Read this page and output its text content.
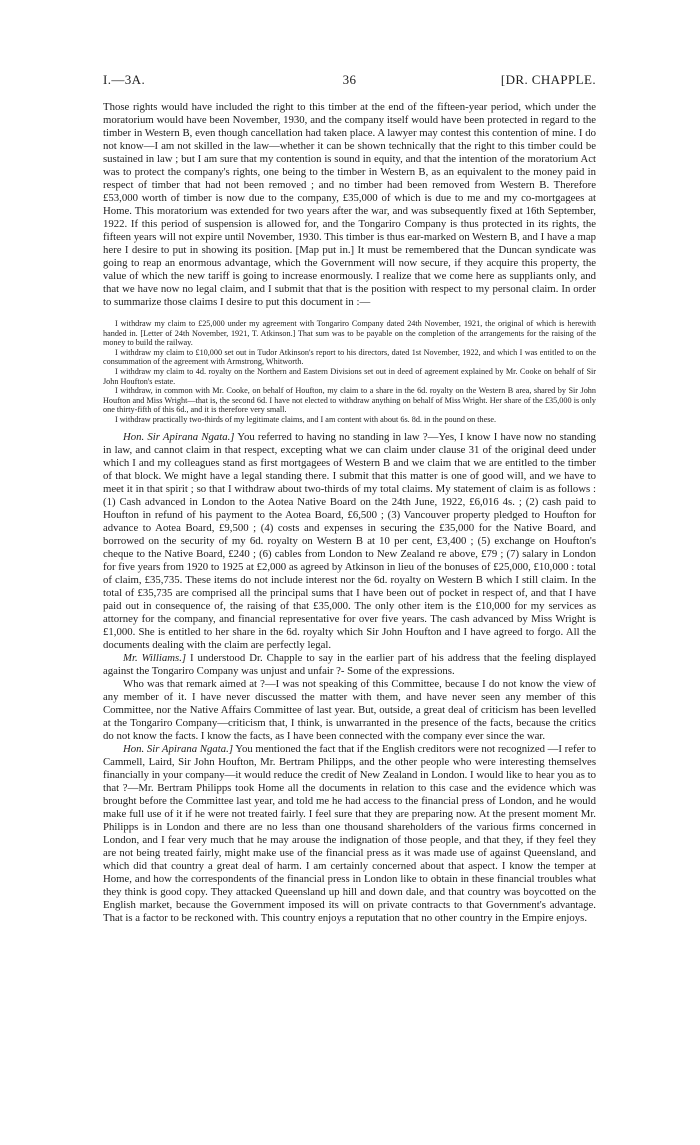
I.—3A.	36	[DR. CHAPPLE.

Those rights would have included the right to this timber at the end of the fifteen-year period, which under the moratorium would have been November, 1930, and the company itself would have been protected in regard to the timber in Western B, even though cancellation had taken place. A lawyer may contest this contention of mine. I do not know—I am not skilled in the law—whether it can be shown technically that the right to this timber could be sustained in law ; but I am sure that my contention is sound in equity, and that the intention of the moratorium Act was to protect the company's rights, one being to the timber in Western B, as an equivalent to the money paid in respect of timber that had not been removed ; and no timber had been removed from Western B. Therefore £53,000 worth of timber is now due to the company, £35,000 of which is due to me and my co-mortgagees at Home. This moratorium was extended for two years after the war, and was subsequently fixed at 16th September, 1922. If this period of suspension is allowed for, and the Tongariro Company is thus protected in its rights, the fifteen years will not expire until November, 1930. This timber is thus ear-marked on Western B, and I have a map here I desire to put in showing its position. [Map put in.] It must be remembered that the Duncan syndicate was going to reap an enormous advantage, which the Government will now secure, if they acquire this property, the value of which the new tariff is going to increase enormously. I realize that we come here as suppliants only, and that we have now no legal claim, and I submit that that is the position with respect to my personal claim. In order to summarize those claims I desire to put this document in :—

I withdraw my claim to £25,000 under my agreement with Tongariro Company dated 24th November, 1921, the original of which is herewith handed in. [Letter of 24th November, 1921, T. Atkinson.] That sum was to be payable on the completion of the arrangements for the raising of the money to build the railway.

I withdraw my claim to £10,000 set out in Tudor Atkinson's report to his directors, dated 1st November, 1922, and which I was entitled to on the consummation of the agreement with Armstrong, Whitworth.

I withdraw my claim to 4d. royalty on the Northern and Eastern Divisions set out in deed of agreement explained by Mr. Cooke on behalf of Sir John Houfton's estate.

I withdraw, in common with Mr. Cooke, on behalf of Houfton, my claim to a share in the 6d. royalty on the Western B area, shared by Sir John Houfton and Miss Wright—that is, the second 6d. I have not elected to withdraw anything on behalf of Miss Wright. Her share of the £35,000 is only one thirty-fifth of this 6d., and it is therefore very small.

I withdraw practically two-thirds of my legitimate claims, and I am content with about 6s. 8d. in the pound on these.

Hon. Sir Apirana Ngata.] You referred to having no standing in law ?—Yes, I know I have now no standing in law, and cannot claim in that respect, excepting what we can claim under clause 31 of the original deed under which I and my colleagues stand as first mortgagees of Western B and we claim that we are entitled to the timber of that block. We might have a legal standing there. I submit that this matter is one of good will, and we have to meet it in that spirit ; so that I withdraw about two-thirds of my total claims. My statement of claim is as follows : (1) Cash advanced in London to the Aotea Native Board on the 24th June, 1922, £6,016 4s. ; (2) cash paid to Houfton in refund of his payment to the Aotea Board, £6,500 ; (3) Vancouver property pledged to Houfton for advance to Aotea Board, £9,500 ; (4) costs and expenses in securing the £35,000 for the Native Board, and borrowed on the security of my 6d. royalty on Western B at 10 per cent, £3,400 ; (5) exchange on Houfton's cheque to the Native Board, £240 ; (6) cables from London to New Zealand re above, £79 ; (7) salary in London for five years from 1920 to 1925 at £2,000 as agreed by Atkinson in lieu of the bonuses of £25,000, £10,000 : total of claim, £35,735. These items do not include interest nor the 6d. royalty on Western B which I still claim. In the total of £35,735 are comprised all the principal sums that I have been out of pocket in respect of, and that I have paid out in consequence of, the raising of that £35,000. The only other item is the £10,000 for my services as attorney for the company, and financial representative for over five years. The cash advanced by Miss Wright is £1,000. She is entitled to her share in the 6d. royalty which Sir John Houfton and I have agreed to forgo. All the documents dealing with the claim are perfectly legal.

Mr. Williams.] I understood Dr. Chapple to say in the earlier part of his address that the feeling displayed against the Tongariro Company was unjust and unfair ?- Some of the expressions.

Who was that remark aimed at ?—I was not speaking of this Committee, because I do not know the view of any member of it. I have never discussed the matter with them, and have never seen any member of this Committee, nor the Native Affairs Committee of last year. But, outside, a great deal of criticism has been levelled at the Tongariro Company—criticism that, I think, is unwarranted in the presence of the facts, because the critics do not know the facts. I know the facts, as I have been connected with the company ever since the war.

Hon. Sir Apirana Ngata.] You mentioned the fact that if the English creditors were not recognized —I refer to Cammell, Laird, Sir John Houfton, Mr. Bertram Philipps, and the other people who were interesting themselves financially in your company—it would reduce the credit of New Zealand in London. I would like to hear you as to that ?—Mr. Bertram Philipps took Home all the documents in relation to this case and the evidence which was brought before the Committee last year, and told me he had access to the financial press of London, and he would make full use of it if he were not treated fairly. I feel sure that they are preparing now. At the present moment Mr. Philipps is in London and there are no less than one thousand shareholders of the various firms concerned in London, and I fear very much that he may arouse the indignation of those people, and that they, if they feel they are not being treated fairly, might make use of the financial press as it was made use of against Queensland, and which did that country a great deal of harm. I am certainly concerned about that aspect. I know the temper at Home, and how the correspondents of the financial press in London like to obtain in these financial troubles what they think is good copy. They attacked Queensland up hill and down dale, and that country was boycotted on the English market, because the Government imposed its will on private contracts to that Government's advantage. That is a factor to be reckoned with. This country enjoys a reputation that no other country in the Empire enjoys.
